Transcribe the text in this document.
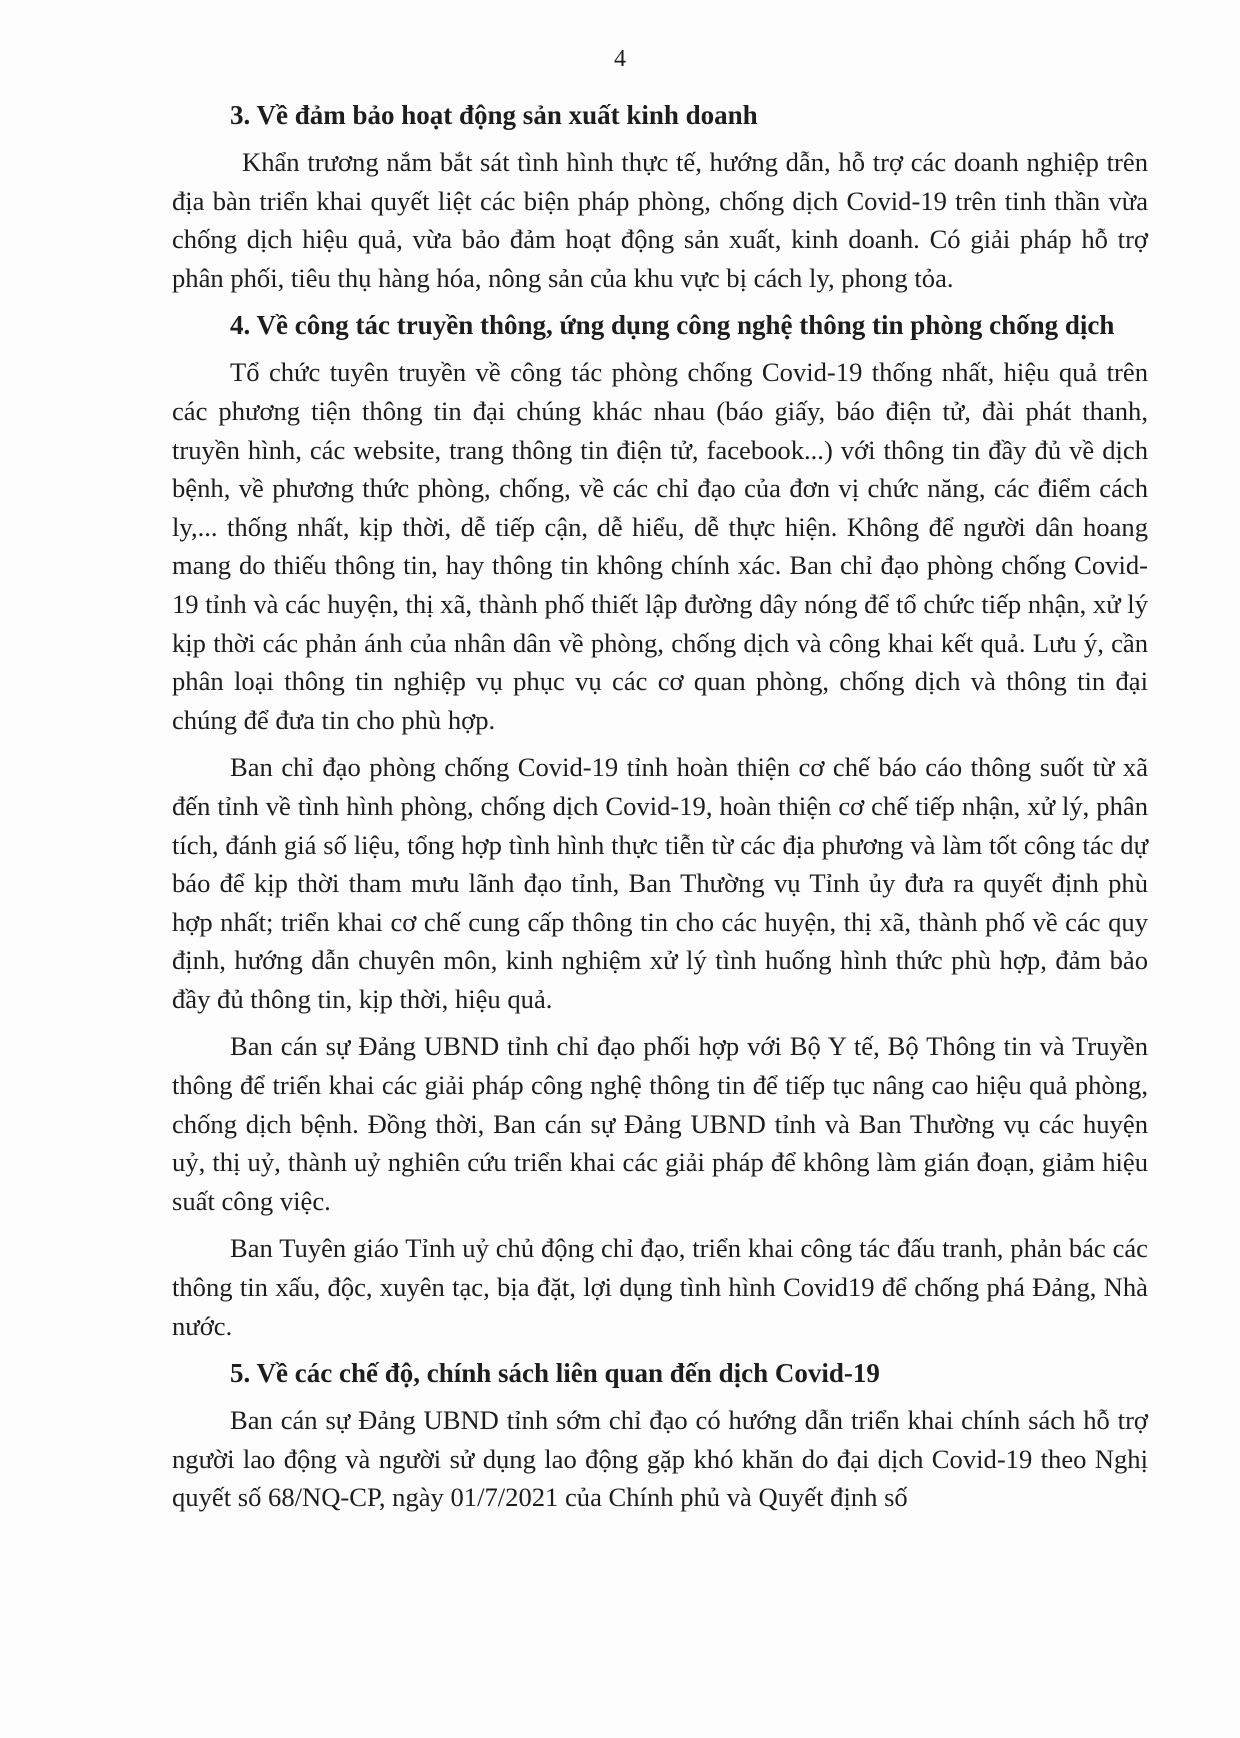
4
3. Về đảm bảo hoạt động sản xuất kinh doanh

Khẩn trương nắm bắt sát tình hình thực tế, hướng dẫn, hỗ trợ các doanh nghiệp trên địa bàn triển khai quyết liệt các biện pháp phòng, chống dịch Covid-19 trên tinh thần vừa chống dịch hiệu quả, vừa bảo đảm hoạt động sản xuất, kinh doanh. Có giải pháp hỗ trợ phân phối, tiêu thụ hàng hóa, nông sản của khu vực bị cách ly, phong tỏa.

4. Về công tác truyền thông, ứng dụng công nghệ thông tin phòng chống dịch

Tổ chức tuyên truyền về công tác phòng chống Covid-19 thống nhất, hiệu quả trên các phương tiện thông tin đại chúng khác nhau (báo giấy, báo điện tử, đài phát thanh, truyền hình, các website, trang thông tin điện tử, facebook...) với thông tin đầy đủ về dịch bệnh, về phương thức phòng, chống, về các chỉ đạo của đơn vị chức năng, các điểm cách ly,... thống nhất, kịp thời, dễ tiếp cận, dễ hiểu, dễ thực hiện. Không để người dân hoang mang do thiếu thông tin, hay thông tin không chính xác. Ban chỉ đạo phòng chống Covid-19 tỉnh và các huyện, thị xã, thành phố thiết lập đường dây nóng để tổ chức tiếp nhận, xử lý kịp thời các phản ánh của nhân dân về phòng, chống dịch và công khai kết quả. Lưu ý, cần phân loại thông tin nghiệp vụ phục vụ các cơ quan phòng, chống dịch và thông tin đại chúng để đưa tin cho phù hợp.

Ban chỉ đạo phòng chống Covid-19 tỉnh hoàn thiện cơ chế báo cáo thông suốt từ xã đến tỉnh về tình hình phòng, chống dịch Covid-19, hoàn thiện cơ chế tiếp nhận, xử lý, phân tích, đánh giá số liệu, tổng hợp tình hình thực tiễn từ các địa phương và làm tốt công tác dự báo để kịp thời tham mưu lãnh đạo tỉnh, Ban Thường vụ Tỉnh ủy đưa ra quyết định phù hợp nhất; triển khai cơ chế cung cấp thông tin cho các huyện, thị xã, thành phố về các quy định, hướng dẫn chuyên môn, kinh nghiệm xử lý tình huống hình thức phù hợp, đảm bảo đầy đủ thông tin, kịp thời, hiệu quả.

Ban cán sự Đảng UBND tỉnh chỉ đạo phối hợp với Bộ Y tế, Bộ Thông tin và Truyền thông để triển khai các giải pháp công nghệ thông tin để tiếp tục nâng cao hiệu quả phòng, chống dịch bệnh. Đồng thời, Ban cán sự Đảng UBND tỉnh và Ban Thường vụ các huyện uỷ, thị uỷ, thành uỷ nghiên cứu triển khai các giải pháp để không làm gián đoạn, giảm hiệu suất công việc.

Ban Tuyên giáo Tỉnh uỷ chủ động chỉ đạo, triển khai công tác đấu tranh, phản bác các thông tin xấu, độc, xuyên tạc, bịa đặt, lợi dụng tình hình Covid19 để chống phá Đảng, Nhà nước.

5. Về các chế độ, chính sách liên quan đến dịch Covid-19

Ban cán sự Đảng UBND tỉnh sớm chỉ đạo có hướng dẫn triển khai chính sách hỗ trợ người lao động và người sử dụng lao động gặp khó khăn do đại dịch Covid-19 theo Nghị quyết số 68/NQ-CP, ngày 01/7/2021 của Chính phủ và Quyết định số
